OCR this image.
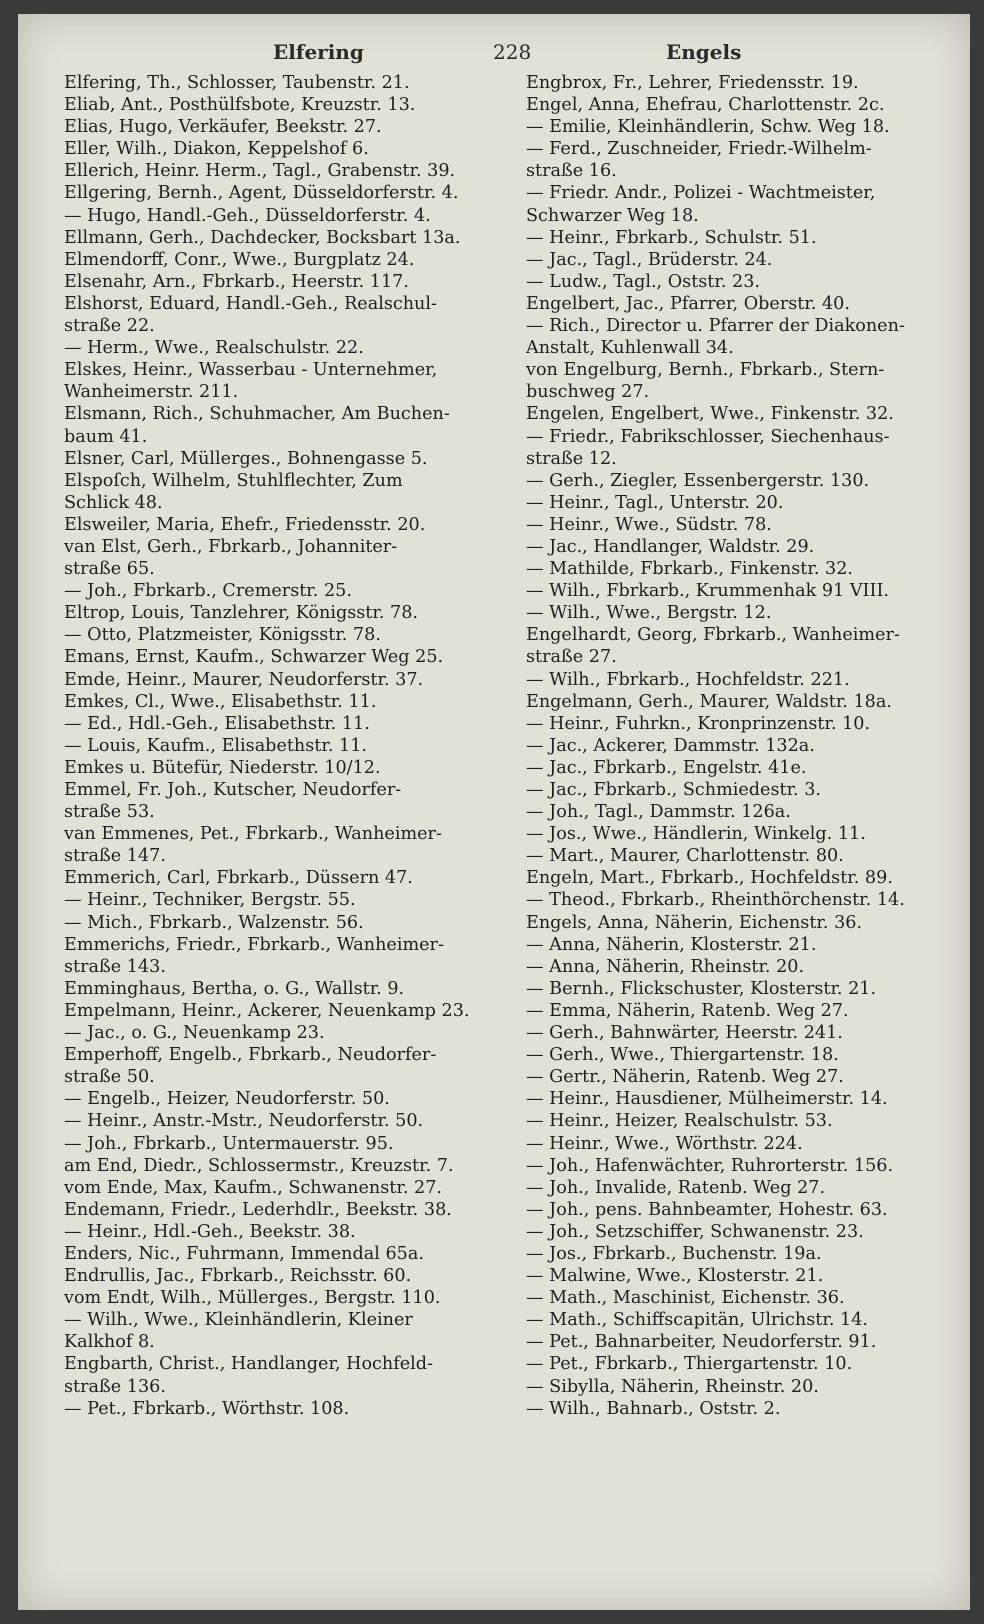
Elfering	228	Engels
Elfering, Th., Schlosser, Taubenstr. 21.
Eliab, Ant., Posthülfsbote, Kreuzstr. 13.
Elias, Hugo, Verkäufer, Beekstr. 27.
Eller, Wilh., Diakon, Keppelshof 6.
Ellerich, Heinr. Herm., Tagl., Grabenstr. 39.
Ellgering, Bernh., Agent, Düsseldorferstr. 4.
— Hugo, Handl.-Geh., Düsseldorferstr. 4.
Ellmann, Gerh., Dachdecker, Bocksbart 13a.
Elmendorff, Conr., Wwe., Burgplatz 24.
Elsenahr, Arn., Fbrkarb., Heerstr. 117.
Elshorst, Eduard, Handl.-Geh., Realschul-
straße 22.
— Herm., Wwe., Realschulstr. 22.
Elskes, Heinr., Wasserbau - Unternehmer,
Wanheimerstr. 211.
Elsmann, Rich., Schuhmacher, Am Buchen-
baum 41.
Elsner, Carl, Müllerges., Bohnengasse 5.
Elspoſch, Wilhelm, Stuhlflechter, Zum
Schlick 48.
Elsweiler, Maria, Ehefr., Friedensstr. 20.
van Elst, Gerh., Fbrkarb., Johanniter-
straße 65.
— Joh., Fbrkarb., Cremerstr. 25.
Eltrop, Louis, Tanzlehrer, Königsstr. 78.
— Otto, Platzmeister, Königsstr. 78.
Emans, Ernst, Kaufm., Schwarzer Weg 25.
Emde, Heinr., Maurer, Neudorferstr. 37.
Emkes, Cl., Wwe., Elisabethstr. 11.
— Ed., Hdl.-Geh., Elisabethstr. 11.
— Louis, Kaufm., Elisabethstr. 11.
Emkes u. Bütefür, Niederstr. 10/12.
Emmel, Fr. Joh., Kutscher, Neudorfer-
straße 53.
van Emmenes, Pet., Fbrkarb., Wanheimer-
straße 147.
Emmerich, Carl, Fbrkarb., Düssern 47.
— Heinr., Techniker, Bergstr. 55.
— Mich., Fbrkarb., Walzenstr. 56.
Emmerichs, Friedr., Fbrkarb., Wanheimer-
straße 143.
Emminghaus, Bertha, o. G., Wallstr. 9.
Empelmann, Heinr., Ackerer, Neuenkamp 23.
— Jac., o. G., Neuenkamp 23.
Emperhoff, Engelb., Fbrkarb., Neudorfer-
straße 50.
— Engelb., Heizer, Neudorferstr. 50.
— Heinr., Anstr.-Mstr., Neudorferstr. 50.
— Joh., Fbrkarb., Untermauerstr. 95.
am End, Diedr., Schlossermstr., Kreuzstr. 7.
vom Ende, Max, Kaufm., Schwanenstr. 27.
Endemann, Friedr., Lederhdlr., Beekstr. 38.
— Heinr., Hdl.-Geh., Beekstr. 38.
Enders, Nic., Fuhrmann, Immendal 65a.
Endrullis, Jac., Fbrkarb., Reichsstr. 60.
vom Endt, Wilh., Müllerges., Bergstr. 110.
— Wilh., Wwe., Kleinhändlerin, Kleiner
Kalkhof 8.
Engbarth, Christ., Handlanger, Hochfeld-
straße 136.
— Pet., Fbrkarb., Wörthstr. 108.
Engbrox, Fr., Lehrer, Friedensstr. 19.
Engel, Anna, Ehefrau, Charlottenstr. 2c.
— Emilie, Kleinhändlerin, Schw. Weg 18.
— Ferd., Zuschneider, Friedr.-Wilhelm-
straße 16.
— Friedr. Andr., Polizei - Wachtmeister,
Schwarzer Weg 18.
— Heinr., Fbrkarb., Schulstr. 51.
— Jac., Tagl., Brüderstr. 24.
— Ludw., Tagl., Oststr. 23.
Engelbert, Jac., Pfarrer, Oberstr. 40.
— Rich., Director u. Pfarrer der Diakonen-
Anstalt, Kuhlenwall 34.
von Engelburg, Bernh., Fbrkarb., Stern-
buschweg 27.
Engelen, Engelbert, Wwe., Finkenstr. 32.
— Friedr., Fabrikschlosser, Siechenhaus-
straße 12.
— Gerh., Ziegler, Essenbergerstr. 130.
— Heinr., Tagl., Unterstr. 20.
— Heinr., Wwe., Südstr. 78.
— Jac., Handlanger, Waldstr. 29.
— Mathilde, Fbrkarb., Finkenstr. 32.
— Wilh., Fbrkarb., Krummenhak 91 VIII.
— Wilh., Wwe., Bergstr. 12.
Engelhardt, Georg, Fbrkarb., Wanheimer-
straße 27.
— Wilh., Fbrkarb., Hochfeldstr. 221.
Engelmann, Gerh., Maurer, Waldstr. 18a.
— Heinr., Fuhrkn., Kronprinzenstr. 10.
— Jac., Ackerer, Dammstr. 132a.
— Jac., Fbrkarb., Engelstr. 41e.
— Jac., Fbrkarb., Schmiedestr. 3.
— Joh., Tagl., Dammstr. 126a.
— Jos., Wwe., Händlerin, Winkelg. 11.
— Mart., Maurer, Charlottenstr. 80.
Engeln, Mart., Fbrkarb., Hochfeldstr. 89.
— Theod., Fbrkarb., Rheinthörchenstr. 14.
Engels, Anna, Näherin, Eichenstr. 36.
— Anna, Näherin, Klosterstr. 21.
— Anna, Näherin, Rheinstr. 20.
— Bernh., Flickschuster, Klosterstr. 21.
— Emma, Näherin, Ratenb. Weg 27.
— Gerh., Bahnwärter, Heerstr. 241.
— Gerh., Wwe., Thiergartenstr. 18.
— Gertr., Näherin, Ratenb. Weg 27.
— Heinr., Hausdiener, Mülheimerstr. 14.
— Heinr., Heizer, Realschulstr. 53.
— Heinr., Wwe., Wörthstr. 224.
— Joh., Hafenwächter, Ruhrorterstr. 156.
— Joh., Invalide, Ratenb. Weg 27.
— Joh., pens. Bahnbeamter, Hohestr. 63.
— Joh., Setzschiffer, Schwanenstr. 23.
— Jos., Fbrkarb., Buchenstr. 19a.
— Malwine, Wwe., Klosterstr. 21.
— Math., Maschinist, Eichenstr. 36.
— Math., Schiffscapitän, Ulrichstr. 14.
— Pet., Bahnarbeiter, Neudorferstr. 91.
— Pet., Fbrkarb., Thiergartenstr. 10.
— Sibylla, Näherin, Rheinstr. 20.
— Wilh., Bahnarb., Oststr. 2.
